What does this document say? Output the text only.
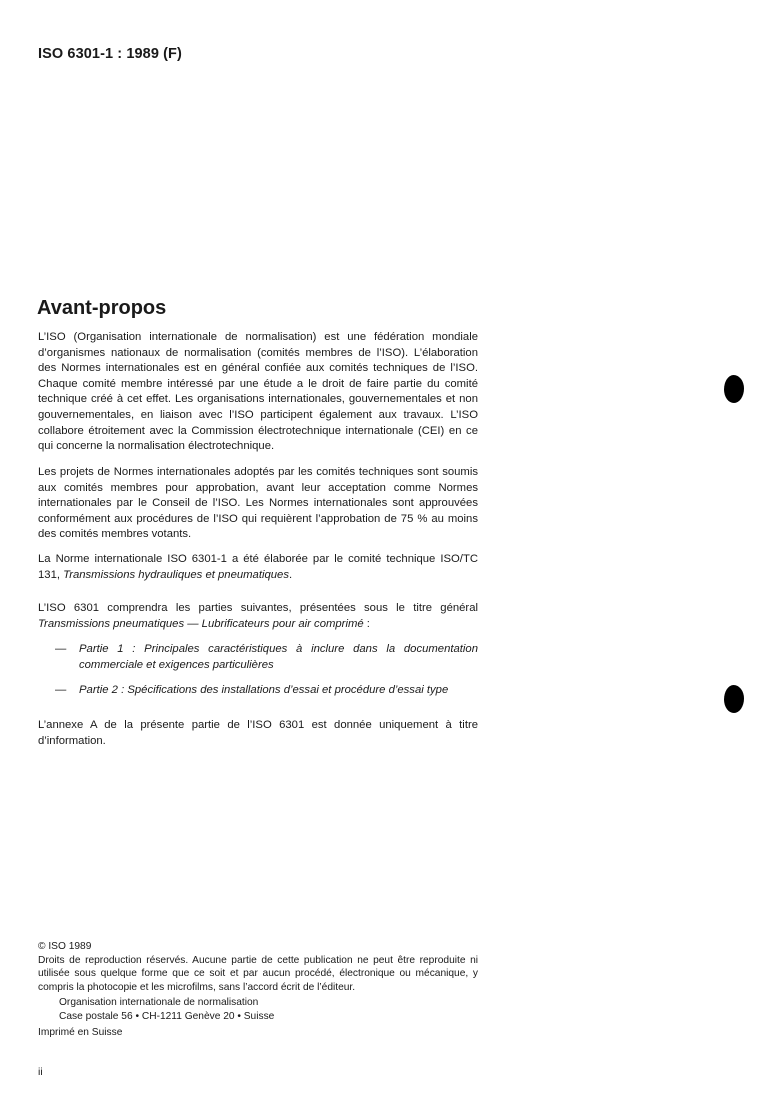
ISO 6301-1 : 1989 (F)
Avant-propos

L’ISO (Organisation internationale de normalisation) est une fédération mondiale d’organismes nationaux de normalisation (comités membres de l’ISO). L’élaboration des Normes internationales est en général confiée aux comités techniques de l’ISO. Chaque comité membre intéressé par une étude a le droit de faire partie du comité technique créé à cet effet. Les organisations internationales, gouvernementales et non gouvernementales, en liaison avec l’ISO participent également aux travaux. L’ISO collabore étroitement avec la Commission électrotechnique internationale (CEI) en ce qui concerne la normalisation électrotechnique.

Les projets de Normes internationales adoptés par les comités techniques sont soumis aux comités membres pour approbation, avant leur acceptation comme Normes internationales par le Conseil de l’ISO. Les Normes internationales sont approuvées conformément aux procédures de l’ISO qui requièrent l’approbation de 75 % au moins des comités membres votants.

La Norme internationale ISO 6301-1 a été élaborée par le comité technique ISO/TC 131, Transmissions hydrauliques et pneumatiques.

L’ISO 6301 comprendra les parties suivantes, présentées sous le titre général Transmissions pneumatiques — Lubrificateurs pour air comprimé :

— Partie 1 : Principales caractéristiques à inclure dans la documentation commerciale et exigences particulières
— Partie 2 : Spécifications des installations d’essai et procédure d’essai type

L’annexe A de la présente partie de l’ISO 6301 est donnée uniquement à titre d’information.

© ISO 1989
Droits de reproduction réservés. Aucune partie de cette publication ne peut être reproduite ni utilisée sous quelque forme que ce soit et par aucun procédé, électronique ou mécanique, y compris la photocopie et les microfilms, sans l’accord écrit de l’éditeur.
Organisation internationale de normalisation
Case postale 56 • CH-1211 Genève 20 • Suisse
Imprimé en Suisse
ii
